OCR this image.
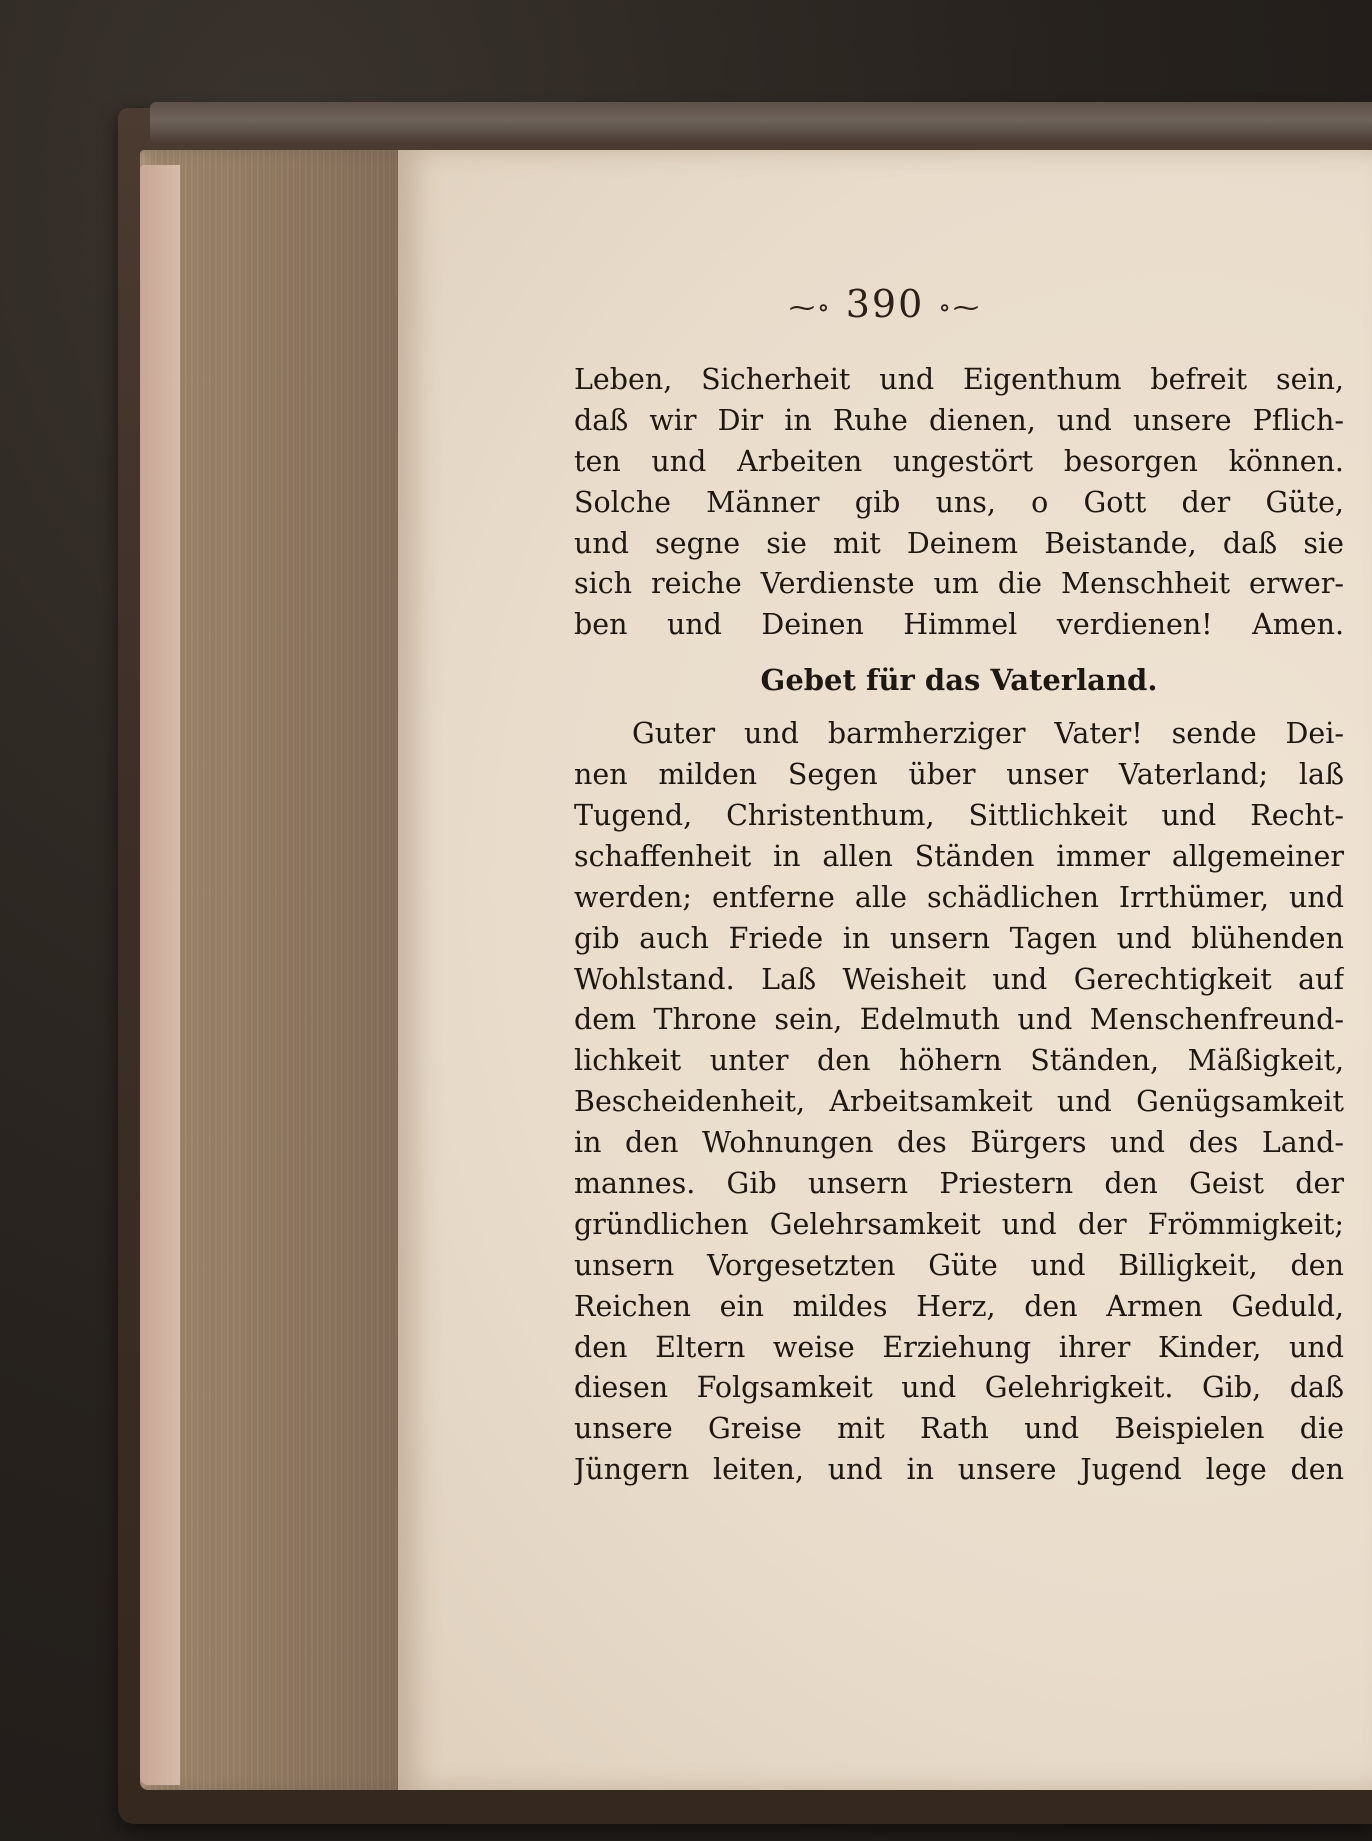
⁓∘ 390 ∘⁓
Leben, Sicherheit und Eigenthum befreit sein,
daß wir Dir in Ruhe dienen, und unsere Pflich-
ten und Arbeiten ungestört besorgen können.
Solche Männer gib uns, o Gott der Güte,
und segne sie mit Deinem Beistande, daß sie
sich reiche Verdienste um die Menschheit erwer-
ben und Deinen Himmel verdienen! Amen.
Gebet für das Vaterland.
Guter und barmherziger Vater! sende Dei-
nen milden Segen über unser Vaterland; laß
Tugend, Christenthum, Sittlichkeit und Recht-
schaffenheit in allen Ständen immer allgemeiner
werden; entferne alle schädlichen Irrthümer, und
gib auch Friede in unsern Tagen und blühenden
Wohlstand. Laß Weisheit und Gerechtigkeit auf
dem Throne sein, Edelmuth und Menschenfreund-
lichkeit unter den höhern Ständen, Mäßigkeit,
Bescheidenheit, Arbeitsamkeit und Genügsamkeit
in den Wohnungen des Bürgers und des Land-
mannes. Gib unsern Priestern den Geist der
gründlichen Gelehrsamkeit und der Frömmigkeit;
unsern Vorgesetzten Güte und Billigkeit, den
Reichen ein mildes Herz, den Armen Geduld,
den Eltern weise Erziehung ihrer Kinder, und
diesen Folgsamkeit und Gelehrigkeit. Gib, daß
unsere Greise mit Rath und Beispielen die
Jüngern leiten, und in unsere Jugend lege den
